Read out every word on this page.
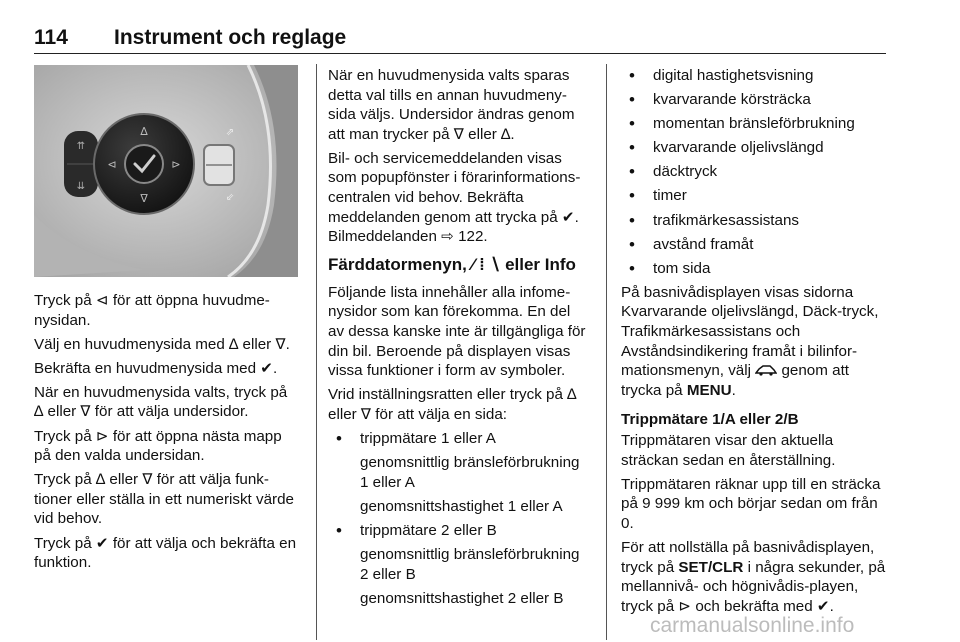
114 Instrument och reglage
⇈
⇊
∆
∇
⊲	⊳
⇗
⇙

Tryck på ⊲ för att öppna huvudme-nysidan.

Välj en huvudmenysida med ∆ eller ∇.

Bekräfta en huvudmenysida med ✔.

När en huvudmenysida valts, tryck på ∆ eller ∇ för att välja undersidor.

Tryck på ⊳ för att öppna nästa mapp på den valda undersidan.

Tryck på ∆ eller ∇ för att välja funk-tioner eller ställa in ett numeriskt värde vid behov.

Tryck på ✔ för att välja och bekräfta en funktion.

När en huvudmenysida valts sparas detta val tills en annan huvudmeny-sida väljs. Undersidor ändras genom att man trycker på ∇ eller ∆.

Bil- och servicemeddelanden visas som popupfönster i förarinformations-centralen vid behov. Bekräfta meddelanden genom att trycka på ✔. Bilmeddelanden ⇨ 122.

Färddatormenyn, ⁄ ⁞ ∖ eller Info

Följande lista innehåller alla infome-nysidor som kan förekomma. En del av dessa kanske inte är tillgängliga för din bil. Beroende på displayen visas vissa funktioner i form av symboler.

Vrid inställningsratten eller tryck på ∆ eller ∇ för att välja en sida:

• trippmätare 1 eller A

genomsnittlig bränsleförbrukning 1 eller A

genomsnittshastighet 1 eller A

• trippmätare 2 eller B

genomsnittlig bränsleförbrukning 2 eller B

genomsnittshastighet 2 eller B

• digital hastighetsvisning
• kvarvarande körsträcka
• momentan bränsleförbrukning
• kvarvarande oljelivslängd
• däcktryck
• timer
• trafikmärkesassistans
• avstånd framåt
• tom sida

På basnivådisplayen visas sidorna Kvarvarande oljelivslängd, Däck-tryck, Trafikmärkesassistans och Avståndsindikering framåt i bilinfor-mationsmenyn, välj genom att trycka på MENU.

Trippmätare 1/A eller 2/B

Trippmätaren visar den aktuella sträckan sedan en återställning.

Trippmätaren räknar upp till en sträcka på 9 999 km och börjar sedan om från 0.

För att nollställa på basnivådisplayen, tryck på SET/CLR i några sekunder, på mellannivå- och högnivådis-playen, tryck på ⊳ och bekräfta med ✔.

carmanualsonline.info
